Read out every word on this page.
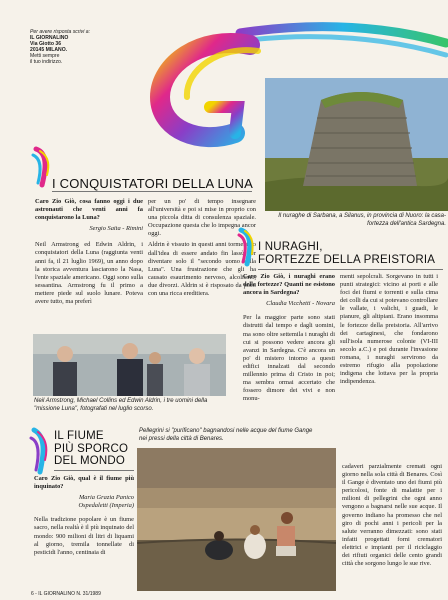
Per avere risposta scrivi a:
IL GIORNALINO
Via Giotto 36
20145 MILANO.
Metti sempre
il tuo indirizzo.
G
Il nuraghe di Sarbana, a Silanus, in provincia di Nuoro: la casa-fortezza dell'antica Sardegna.
I CONQUISTATORI DELLA LUNA

Caro Zio Giò, cosa fanno oggi i due astronauti che venti anni fa conquistarono la Luna?

Sergio Saita - Rimini

Neil Armstrong ed Edwin Aldrin, i conquistatori della Luna (raggiunta venti anni fa, il 21 luglio 1969), un anno dopo la storica avventura lasciarono la Nasa, l'ente spaziale americano. Oggi sono sulla sessantina. Armstrong fu il primo a mettere piede sul suolo lunare. Poteva avere tutto, ma preferì

per un po' di tempo insegnare all'università e poi si mise in proprio con una piccola ditta di consulenza spaziale. Occupazione questa che lo impegna ancor oggi.

Aldrin è vissuto in questi anni tormentato dall'idea di essere andato fin lassù per diventare solo il "secondo uomo sulla Luna". Una frustrazione che gli ha causato esaurimento nervoso, alcolismo, due divorzi. Aldrin si è risposato da poco con una ricca ereditiera.

Neil Armstrong, Michael Collins ed Edwin Aldrin, i tre uomini della "missione Luna", fotografati nel luglio scorso.
I NURAGHI,
FORTEZZE DELLA PREISTORIA

Caro Zio Giò, i nuraghi erano delle fortezze? Quanti ne esistono ancora in Sardegna?

Claudia Vicchetti - Novara

Per la maggior parte sono stati distrutti dal tempo e dagli uomini, ma sono oltre settemila i nuraghi di cui si possono vedere ancora gli avanzi in Sardegna. C'è ancora un po' di mistero intorno a questi edifici innalzati dal secondo millennio prima di Cristo in poi; ma sembra ormai accertato che fossero dimore dei vivi e non monu-

menti sepolcrali. Sorgevano in tutti i punti strategici: vicino ai porti e alle foci dei fiumi e torrenti e sulla cima dei colli da cui si potevano controllare le vallate, i valichi, i guadi, le pianure, gli altipiani. Erano insomma le fortezze della preistoria. All'arrivo dei cartaginesi, che fondarono sull'isola numerose colonie (VI-III secolo a.C.) e poi durante l'invasione romana, i nuraghi servirono da estremo rifugio alla popolazione indigena che lottava per la propria indipendenza.

IL FIUME
PIÙ SPORCO
DEL MONDO

Caro Zio Giò, qual è il fiume più inquinato?

Maria Grazia Panico

Ospedaletti (Imperia)

Nella tradizione popolare è un fiume sacro, nella realtà è il più inquinato del mondo: 900 milioni di litri di liquami al giorno, tremila tonnellate di pesticidi l'anno, centinaia di

Pellegrini si "purificano" bagnandosi nelle acque del fiume Gange nei pressi della città di Benares.

cadaveri parzialmente cremati ogni giorno nella sola città di Benares. Così il Gange è diventato uno dei fiumi più pericolosi, fonte di malattie per i milioni di pellegrini che ogni anno vengono a bagnarsi nelle sue acque. Il governo indiano ha promesso che nel giro di pochi anni i pericoli per la salute verranno dimezzati: sono stati infatti progettati forni crematori elettrici e impianti per il riciclaggio dei rifiuti organici delle cento grandi città che sorgono lungo le sue rive.

6 - IL GIORNALINO N. 31/1989
